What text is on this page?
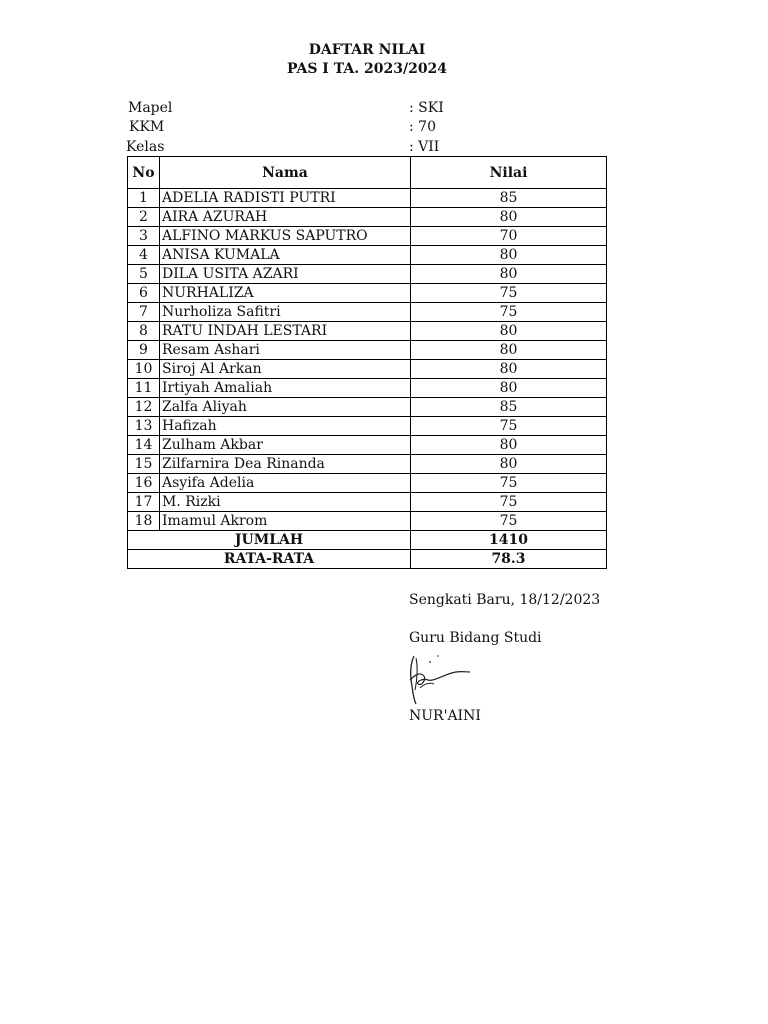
DAFTAR NILAI
PAS I TA. 2023/2024
Mapel	: SKI
KKM	: 70
Kelas	: VII
No	Nama	Nilai
1	ADELIA RADISTI PUTRI	85
2	AIRA AZURAH	80
3	ALFINO MARKUS SAPUTRO	70
4	ANISA KUMALA	80
5	DILA USITA AZARI	80
6	NURHALIZA	75
7	Nurholiza Safitri	75
8	RATU INDAH LESTARI	80
9	Resam Ashari	80
10	Siroj Al Arkan	80
11	Irtiyah Amaliah	80
12	Zalfa Aliyah	85
13	Hafizah	75
14	Zulham Akbar	80
15	Zilfarnira Dea Rinanda	80
16	Asyifa Adelia	75
17	M. Rizki	75
18	Imamul Akrom	75
JUMLAH		1410
RATA-RATA		78.3
Sengkati Baru, 18/12/2023
Guru Bidang Studi
NUR'AINI
